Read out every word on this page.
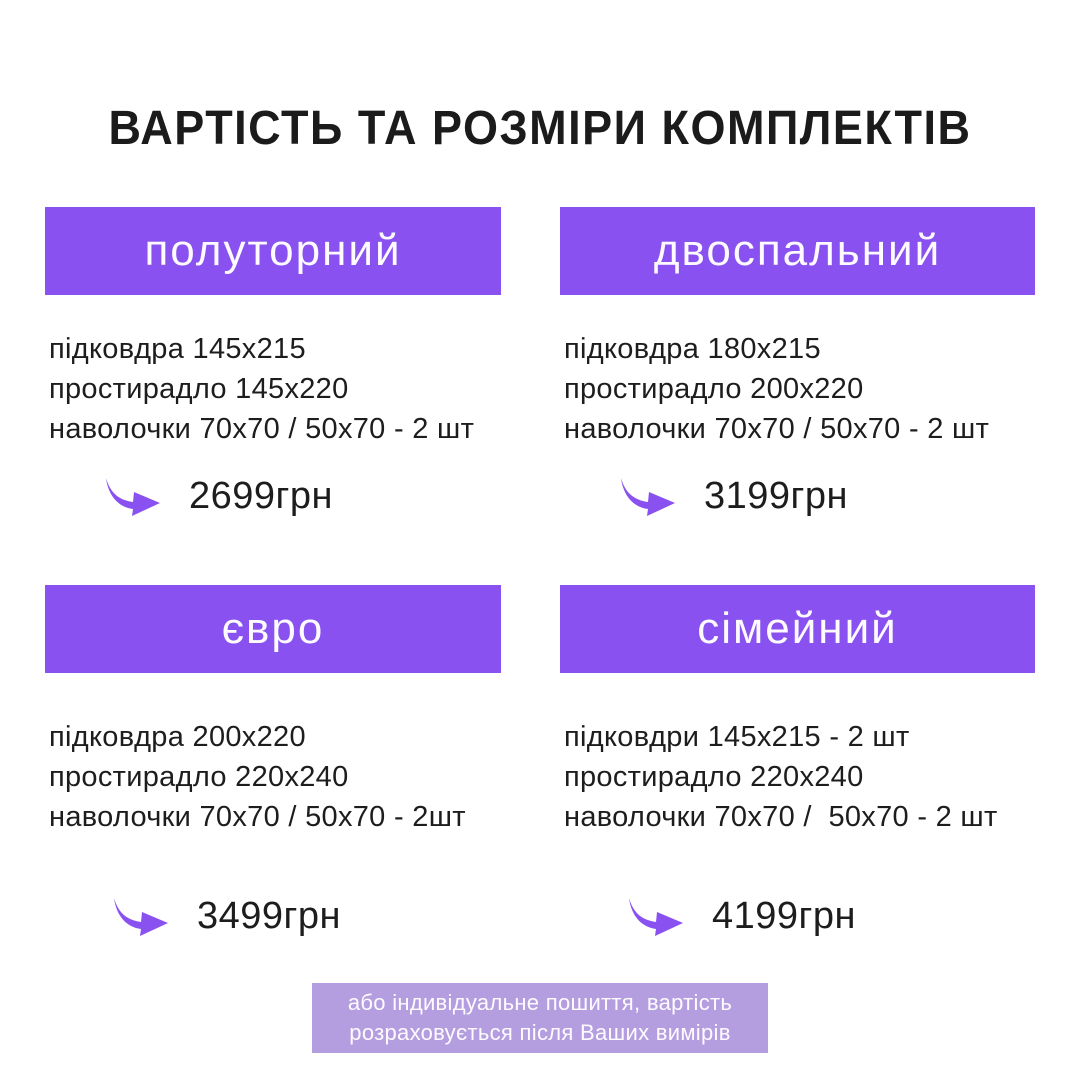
ВАРТІСТЬ ТА РОЗМІРИ КОМПЛЕКТІВ
полуторний
підковдра 145х215
простирадло 145х220
наволочки 70х70 / 50х70 - 2 шт
2699грн
двоспальний
підковдра 180х215
простирадло 200х220
наволочки 70х70 / 50х70 - 2 шт
3199грн
євро
підковдра 200х220
простирадло 220х240
наволочки 70х70 / 50х70 - 2шт
3499грн
сімейний
підковдри 145х215 - 2 шт
простирадло 220х240
наволочки 70х70 /  50х70 - 2 шт
4199грн
або індивідуальне пошиття, вартість
розраховується після Ваших вимірів
